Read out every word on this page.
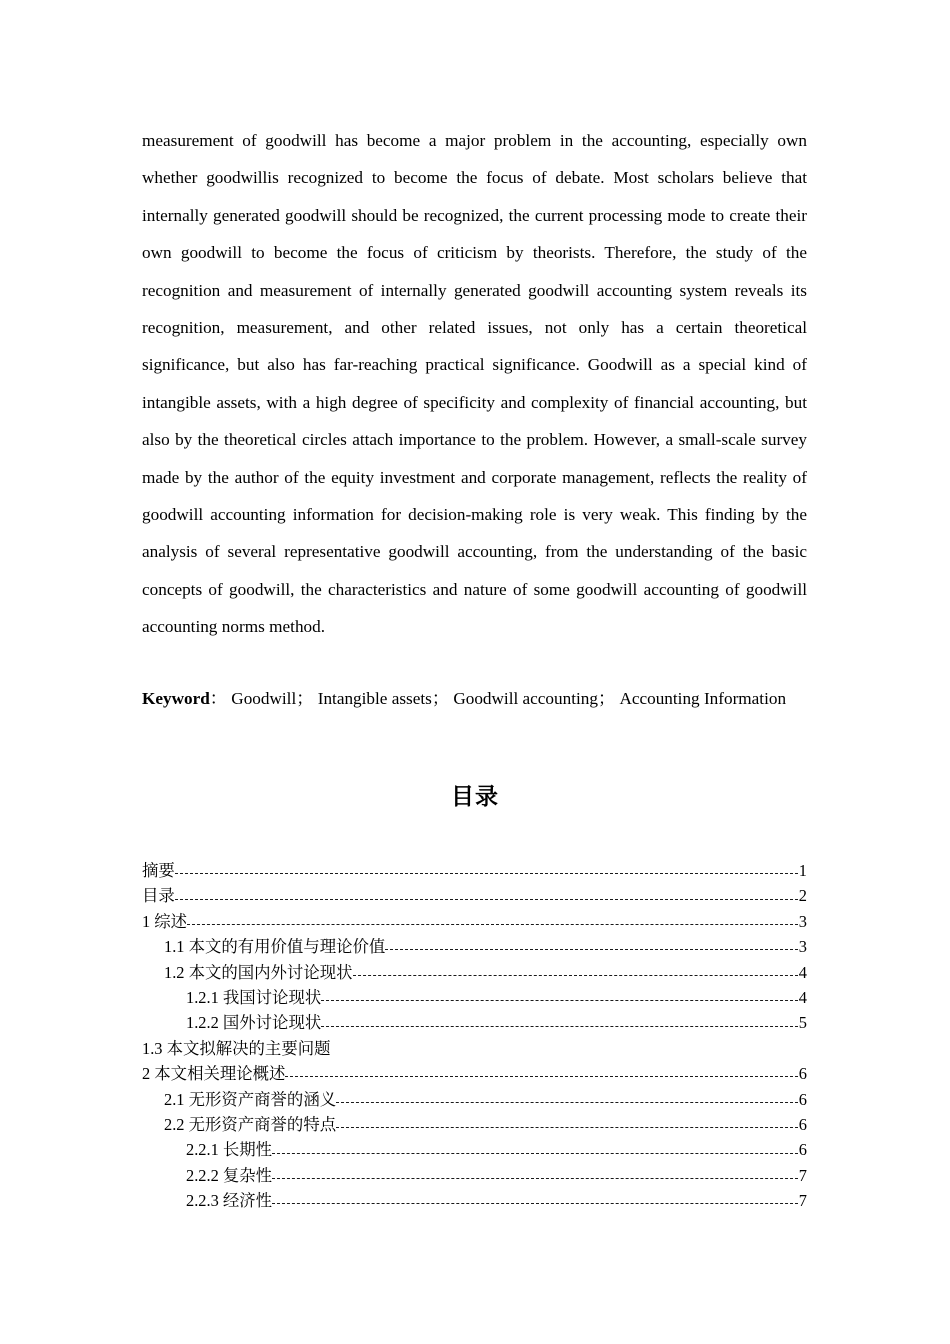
measurement of goodwill has become a major problem in the accounting, especially own whether goodwillis recognized to become the focus of debate. Most scholars believe that internally generated goodwill should be recognized, the current processing mode to create their own goodwill to become the focus of criticism by theorists. Therefore, the study of the recognition and measurement of internally generated goodwill accounting system reveals its recognition, measurement, and other related issues, not only has a certain theoretical significance, but also has far-reaching practical significance. Goodwill as a special kind of intangible assets, with a high degree of specificity and complexity of financial accounting, but also by the theoretical circles attach importance to the problem. However, a small-scale survey made by the author of the equity investment and corporate management, reflects the reality of goodwill accounting information for decision-making role is very weak. This finding by the analysis of several representative goodwill accounting, from the understanding of the basic concepts of goodwill, the characteristics and nature of some goodwill accounting of goodwill accounting norms method.

Keyword： Goodwill； Intangible assets； Goodwill accounting； Accounting Information

目录
摘要	1
目录	2
1 综述	3
1.1 本文的有用价值与理论价值	3
1.2 本文的国内外讨论现状	4
1.2.1 我国讨论现状	4
1.2.2 国外讨论现状	5
1.3 本文拟解决的主要问题
2 本文相关理论概述	6
2.1 无形资产商誉的涵义	6
2.2 无形资产商誉的特点	6
2.2.1 长期性	6
2.2.2 复杂性	7
2.2.3 经济性	7
